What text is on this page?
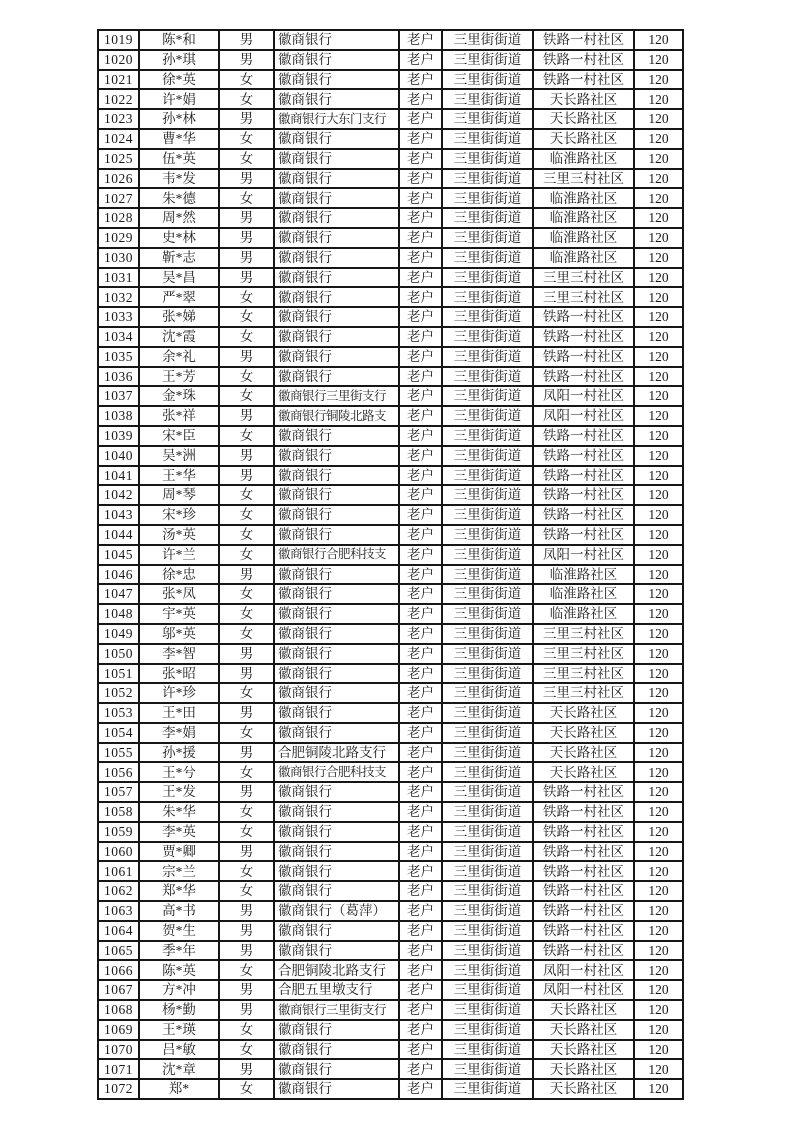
1019	陈*和	男	徽商银行	老户	三里街街道	铁路一村社区	120
1020	孙*琪	男	徽商银行	老户	三里街街道	铁路一村社区	120
1021	徐*英	女	徽商银行	老户	三里街街道	铁路一村社区	120
1022	许*娟	女	徽商银行	老户	三里街街道	天长路社区	120
1023	孙*林	男	徽商银行大东门支行	老户	三里街街道	天长路社区	120
1024	曹*华	女	徽商银行	老户	三里街街道	天长路社区	120
1025	伍*英	女	徽商银行	老户	三里街街道	临淮路社区	120
1026	韦*发	男	徽商银行	老户	三里街街道	三里三村社区	120
1027	朱*德	女	徽商银行	老户	三里街街道	临淮路社区	120
1028	周*然	男	徽商银行	老户	三里街街道	临淮路社区	120
1029	史*林	男	徽商银行	老户	三里街街道	临淮路社区	120
1030	靳*志	男	徽商银行	老户	三里街街道	临淮路社区	120
1031	吴*昌	男	徽商银行	老户	三里街街道	三里三村社区	120
1032	严*翠	女	徽商银行	老户	三里街街道	三里三村社区	120
1033	张*娣	女	徽商银行	老户	三里街街道	铁路一村社区	120
1034	沈*霞	女	徽商银行	老户	三里街街道	铁路一村社区	120
1035	余*礼	男	徽商银行	老户	三里街街道	铁路一村社区	120
1036	王*芳	女	徽商银行	老户	三里街街道	铁路一村社区	120
1037	金*珠	女	徽商银行三里街支行	老户	三里街街道	凤阳一村社区	120
1038	张*祥	男	徽商银行铜陵北路支	老户	三里街街道	凤阳一村社区	120
1039	宋*臣	女	徽商银行	老户	三里街街道	铁路一村社区	120
1040	吴*洲	男	徽商银行	老户	三里街街道	铁路一村社区	120
1041	王*华	男	徽商银行	老户	三里街街道	铁路一村社区	120
1042	周*琴	女	徽商银行	老户	三里街街道	铁路一村社区	120
1043	宋*珍	女	徽商银行	老户	三里街街道	铁路一村社区	120
1044	汤*英	女	徽商银行	老户	三里街街道	铁路一村社区	120
1045	许*兰	女	徽商银行合肥科技支	老户	三里街街道	凤阳一村社区	120
1046	徐*忠	男	徽商银行	老户	三里街街道	临淮路社区	120
1047	张*凤	女	徽商银行	老户	三里街街道	临淮路社区	120
1048	宇*英	女	徽商银行	老户	三里街街道	临淮路社区	120
1049	邬*英	女	徽商银行	老户	三里街街道	三里三村社区	120
1050	李*智	男	徽商银行	老户	三里街街道	三里三村社区	120
1051	张*昭	男	徽商银行	老户	三里街街道	三里三村社区	120
1052	许*珍	女	徽商银行	老户	三里街街道	三里三村社区	120
1053	王*田	男	徽商银行	老户	三里街街道	天长路社区	120
1054	李*娟	女	徽商银行	老户	三里街街道	天长路社区	120
1055	孙*援	男	合肥铜陵北路支行	老户	三里街街道	天长路社区	120
1056	王*兮	女	徽商银行合肥科技支	老户	三里街街道	天长路社区	120
1057	王*发	男	徽商银行	老户	三里街街道	铁路一村社区	120
1058	朱*华	女	徽商银行	老户	三里街街道	铁路一村社区	120
1059	李*英	女	徽商银行	老户	三里街街道	铁路一村社区	120
1060	贾*卿	男	徽商银行	老户	三里街街道	铁路一村社区	120
1061	宗*兰	女	徽商银行	老户	三里街街道	铁路一村社区	120
1062	郑*华	女	徽商银行	老户	三里街街道	铁路一村社区	120
1063	高*书	男	徽商银行（葛萍）	老户	三里街街道	铁路一村社区	120
1064	贺*生	男	徽商银行	老户	三里街街道	铁路一村社区	120
1065	季*年	男	徽商银行	老户	三里街街道	铁路一村社区	120
1066	陈*英	女	合肥铜陵北路支行	老户	三里街街道	凤阳一村社区	120
1067	方*冲	男	合肥五里墩支行	老户	三里街街道	凤阳一村社区	120
1068	杨*勤	男	徽商银行三里街支行	老户	三里街街道	天长路社区	120
1069	王*瑛	女	徽商银行	老户	三里街街道	天长路社区	120
1070	吕*敏	女	徽商银行	老户	三里街街道	天长路社区	120
1071	沈*章	男	徽商银行	老户	三里街街道	天长路社区	120
1072	郑*	女	徽商银行	老户	三里街街道	天长路社区	120
